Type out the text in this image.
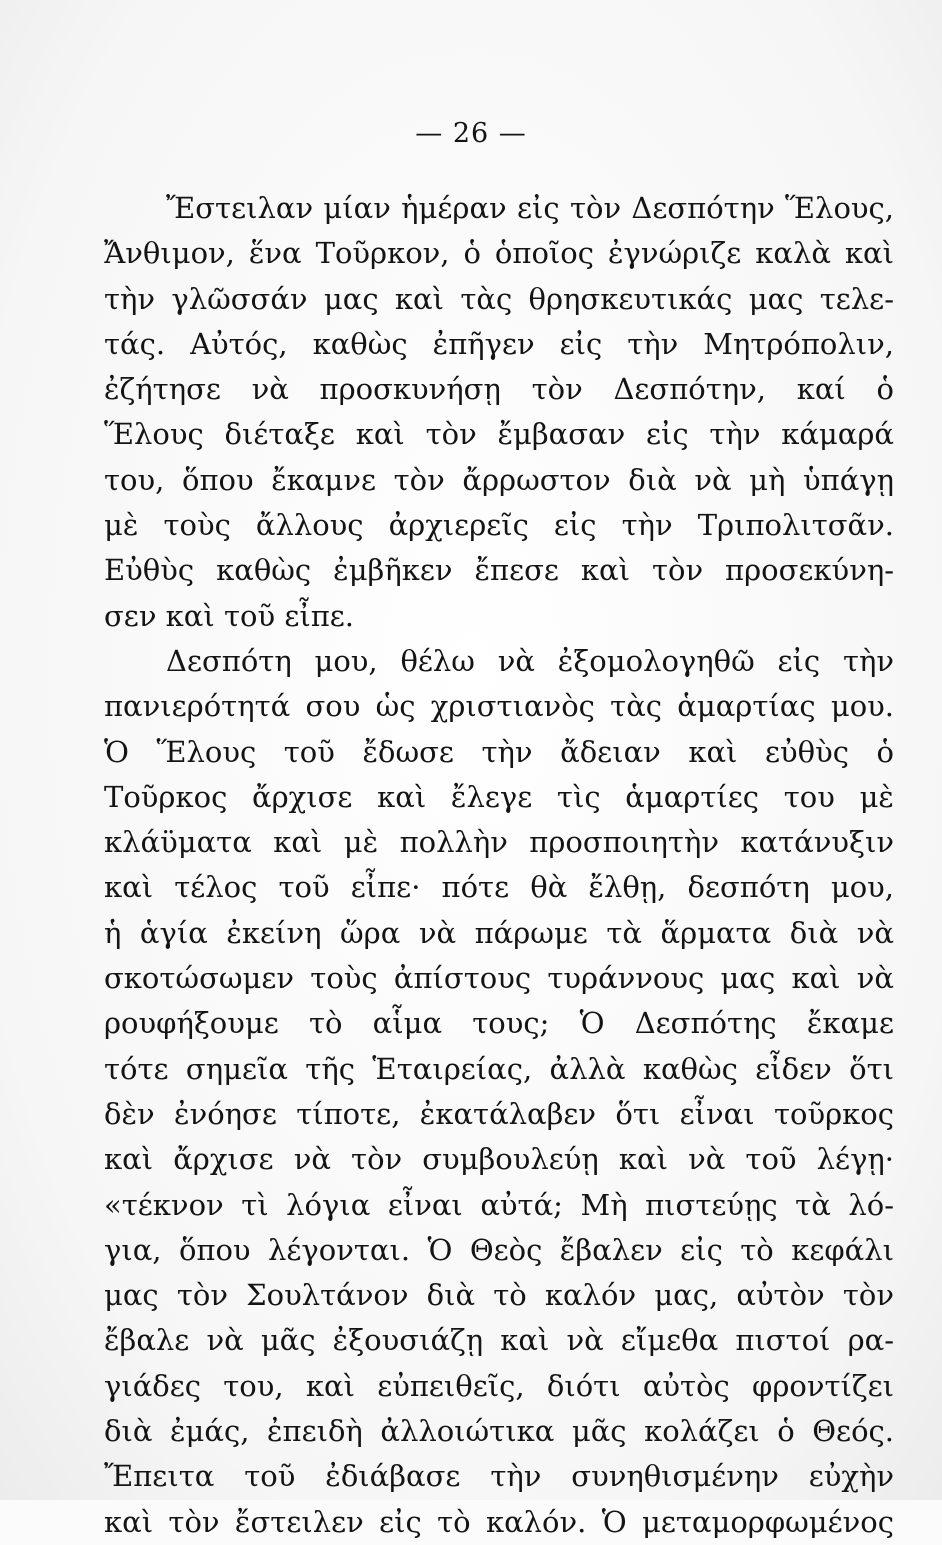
— 26 —
Ἔστειλαν μίαν ἡμέραν εἰς τὸν Δεσπότην Ἕλους,
Ἄνθιμον, ἕνα Τοῦρκον, ὁ ὁποῖος ἐγνώριζε καλὰ καὶ
τὴν γλῶσσάν μας καὶ τὰς θρησκευτικάς μας τελε-
τάς. Αὐτός, καθὼς ἐπῆγεν εἰς τὴν Μητρόπολιν,
ἐζήτησε νὰ προσκυνήσῃ τὸν Δεσπότην, καί ὁ
Ἕλους διέταξε καὶ τὸν ἔμβασαν εἰς τὴν κάμαρά
του, ὅπου ἔκαμνε τὸν ἄρρωστον διὰ νὰ μὴ ὑπάγῃ
μὲ τοὺς ἄλλους ἀρχιερεῖς εἰς τὴν Τριπολιτσᾶν.
Εὐθὺς καθὼς ἐμβῆκεν ἔπεσε καὶ τὸν προσεκύνη-
σεν καὶ τοῦ εἶπε.
Δεσπότη μου, θέλω νὰ ἐξομολογηθῶ εἰς τὴν
πανιερότητά σου ὡς χριστιανὸς τὰς ἁμαρτίας μου.
Ὁ Ἕλους τοῦ ἔδωσε τὴν ἄδειαν καὶ εὐθὺς ὁ
Τοῦρκος ἄρχισε καὶ ἔλεγε τὶς ἁμαρτίες του μὲ
κλάϋματα καὶ μὲ πολλὴν προσποιητὴν κατάνυξιν
καὶ τέλος τοῦ εἶπε· πότε θὰ ἔλθῃ, δεσπότη μου,
ἡ ἁγία ἐκείνη ὥρα νὰ πάρωμε τὰ ἅρματα διὰ νὰ
σκοτώσωμεν τοὺς ἀπίστους τυράννους μας καὶ νὰ
ρουφήξουμε τὸ αἷμα τους; Ὁ Δεσπότης ἔκαμε
τότε σημεῖα τῆς Ἑταιρείας, ἀλλὰ καθὼς εἶδεν ὅτι
δὲν ἐνόησε τίποτε, ἐκατάλαβεν ὅτι εἶναι τοῦρκος
καὶ ἄρχισε νὰ τὸν συμβουλεύῃ καὶ νὰ τοῦ λέγῃ·
«τέκνον τὶ λόγια εἶναι αὐτά; Μὴ πιστεύῃς τὰ λό-
για, ὅπου λέγονται. Ὁ Θεὸς ἔβαλεν εἰς τὸ κεφάλι
μας τὸν Σουλτάνον διὰ τὸ καλόν μας, αὐτὸν τὸν
ἔβαλε νὰ μᾶς ἐξουσιάζῃ καὶ νὰ εἴμεθα πιστοί ρα-
γιάδες του, καὶ εὐπειθεῖς, διότι αὐτὸς φροντίζει
διὰ ἐμάς, ἐπειδὴ ἀλλοιώτικα μᾶς κολάζει ὁ Θεός.
Ἔπειτα τοῦ ἐδιάβασε τὴν συνηθισμένην εὐχὴν
καὶ τὸν ἔστειλεν εἰς τὸ καλόν. Ὁ μεταμορφωμένος
